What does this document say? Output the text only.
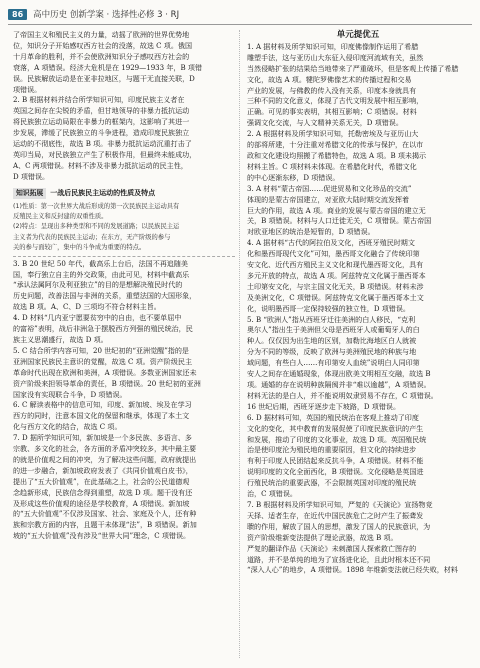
86	高中历史 创新学案 · 选择性必修 3 · RJ

了帝国主义和殖民主义的力量，动摇了欧洲的世界优势地

位，知识分子开始感叹西方社会的没落，故选 C 项。俄国

十月革命的胜利，并不会使欧洲知识分子感叹西方社会的

衰落，A 项错误。经济大危机是在 1929—1933 年，B 项错

误。民族解放运动是在亚非拉地区，与题干无直接关联，D

项错误。

2. B 根据材料并结合所学知识可知，印度民族主义者在

英国之间存在尖锐的矛盾，但甘地领导的非暴力抵抗运动

将民族独立运动局限在非暴力的框架内，这影响了其进一

步发展，滞缓了民族独立的斗争进程，造成印度民族独立

运动的不彻底性，故选 B 项。非暴力抵抗运动沉重打击了

英印当局，对民族独立产生了积极作用，但最终未能成功，

A、C 两项错误。材料不涉及非暴力抵抗运动的民主性，

D 项错误。

知识拓展	一战后民族民主运动的性质及特点

(1)性质：第一次世界大战后形成的第一次民族民主运动具有

反殖民主义和反封建的双重性质。

(2)特点：呈现出多种类型和不同的发展道路；以民族民主运

主义者为代表的民族民主运动；在东方，无产阶级的参与

关的参与面较广，集中的斗争成为重要的特点。

3. B 20 世纪 50 年代，截高乐上台后，法国不再追随美

国，奉行独立自主的外交政策，由此可见，材料中截高乐

“承认法属阿尔及利亚独立”的目的是想解决殖民时代的

历史问题，改善法国与非洲的关系，重塑法国的大国形象，

故选 B 项。A、C、D 三项均不符合材料主旨。

4. D 材料“几内亚宁愿要贫穷中的自由，也不要单屈中

的富裕”表明，战后非洲急于摆脱西方列强的殖民统治，民

族主义思潮盛行，故选 D 项。

5. C 结合所学内容可知，20 世纪初的“亚洲觉醒”指的是

亚洲国家民族民主意识的觉醒，故选 C 项。资产阶级民主

革命时代出现在欧洲和美洲，A 项错误。多数亚洲国家还未

资产阶级来担领导革命的责任，B 项错误。20 世纪初的亚洲

国家没有实现联合斗争，D 项错误。

6. C 解读表格中的信息可知，印度、新加坡、埃及在学习

西方的同时，注意本国文化的保留和继承，体现了本土文

化与西方文化的结合，故选 C 项。

7. D 据所学知识可知，新加坡是一个多民族、多语言、多

宗教、多文化的社会，各方面的矛盾冲突较多，其中最主要

的就是价值观之间的冲突，为了解决这些问题，政府就提出

的进一步融合，新加坡政府发表了《共同价值观白皮书》，

提出了“五大价值观”，在此基础之上，社会的公民道德观

念趋新形成，民族信念得到重塑，故选 D 项。题干没有还

及形成这些价值观的途径是学校教育，A 项错误。新加坡

的“五大价值观”不仅涉及国家、社会、家庭及个人，还有种

族和宗教方面的内容，且题干未体现“法”，B 项错误。新加

坡的“五大价值观”没有涉及“世界大同”理念，C 项错误。

单元提优五

1. A 据材料及所学知识可知，印度佛像制作运用了希腊

雕塑手法，这与亚历山大东征入侵印度河流域有关，虽然

当然侵略扩张的结果给当地带来了严重破坏，但是客观上传播了希腊

文化，故选 A 项。犍陀罗佛像艺术的传播过程和交易

产业的发展，与佛教的传入没有关系，印度本身就具有

三种不同的文化意义，体现了古代文明发展中相互影响，

正确。可见的事实表明，其相互影响；C 项错误。材料

强调文化交流，与人文精神关系无关，D 项错误。

2. A 根据材料及所学知识可知，托勒密埃及与亚历山大

的部将所建，十分注重对希腊文化的传承与保护，在以市

政和文化建设均照搬了希腊特色，故选 A 项。B 项未揭示

材料主旨。C 项材料未体现。在希腊化时代，希腊文化

的中心逐渐东移，D 项错误。

3. A 材料“蒙古帝国……促进贸易和文化珍品的交流”

体现的是蒙古帝国建立，对亚欧大陆时期交流发挥着

巨大的作用，故选 A 项。商业的发展与蒙古帝国的建立无

关，B 项错误。材料与人口迁徙无关，C 项错误。蒙古帝国

对欧亚地区的统治是短暂的，D 项错误。

4. A 据材料“古代的阿拉伯及文化，西班牙殖民时期文

化和墨西哥现代文化”可知，墨西哥文化融合了传统印第

安文化、近代西方殖民主义文化和现代墨西哥文化，具有

多元开放的特点，故选 A 项。阿兹特克文化属于墨西哥本

土印第安文化，与宗主国文化无关，B 项错误。材料未涉

及美洲文化，C 项错误。阿兹特克文化属于墨西哥本土文

化，说明墨西哥一定保持较强的独立性，D 项错误。

5. B “欧洲人”指从西班牙迁往美洲的白人移民，“克利

奥尔人”指出生于美洲但父母是西班牙人或葡萄牙人的白

种人。仅仅因为出生地的区别，加勒比海地区白人就被

分为不同的等级，反映了欧洲与美洲殖民地的种族与地

域问题，有些白人……有印第安人血统”说明白人同印第

安人之间存在通婚现象，体现出欧美文明相互交融，故选 B

项。通婚的存在说明种族隔阂并非“难以逾越”，A 项错误。

材料无法的是白人，并不能说明奴隶贸易不存在，C 项错误。

16 世纪后期，西班牙逐步走下坡路，D 项错误。

6. D 据材料可知，英国的殖民统治在客观上推动了印度

文化的变化，其中教育的发展促使了印度民族意识的产生

和发展，推动了印度的文化事业，故选 D 项。英国殖民统

治是使印度沦为殖民地的重要原因，但文化的持续进步

有利于印度人民团结起来反抗斗争，A 项错误。材料不能

说明印度的文化全面西化，B 项错误。文化侵略是英国进

行殖民统治的重要武器，不会限制英国对印度的殖民统

治，C 项错误。

7. B 根据材料及所学知识可知，严复的《天演论》宣扬物竞

天择、适者生存，在近代中国民族危亡之时产生了振聋发

聩的作用，解放了国人的思想，激发了国人的民族意识，为

资产阶级维新变法提供了理论武器，故选 B 项。

严复的翻译作品《天演论》未刺激国人探索救亡图存的

道路，并不是单纯的地为了宣扬进化论，且此时根本还不同

“深入人心”的地步，A 项错误。1898 年维新变法就已经失败，材料
